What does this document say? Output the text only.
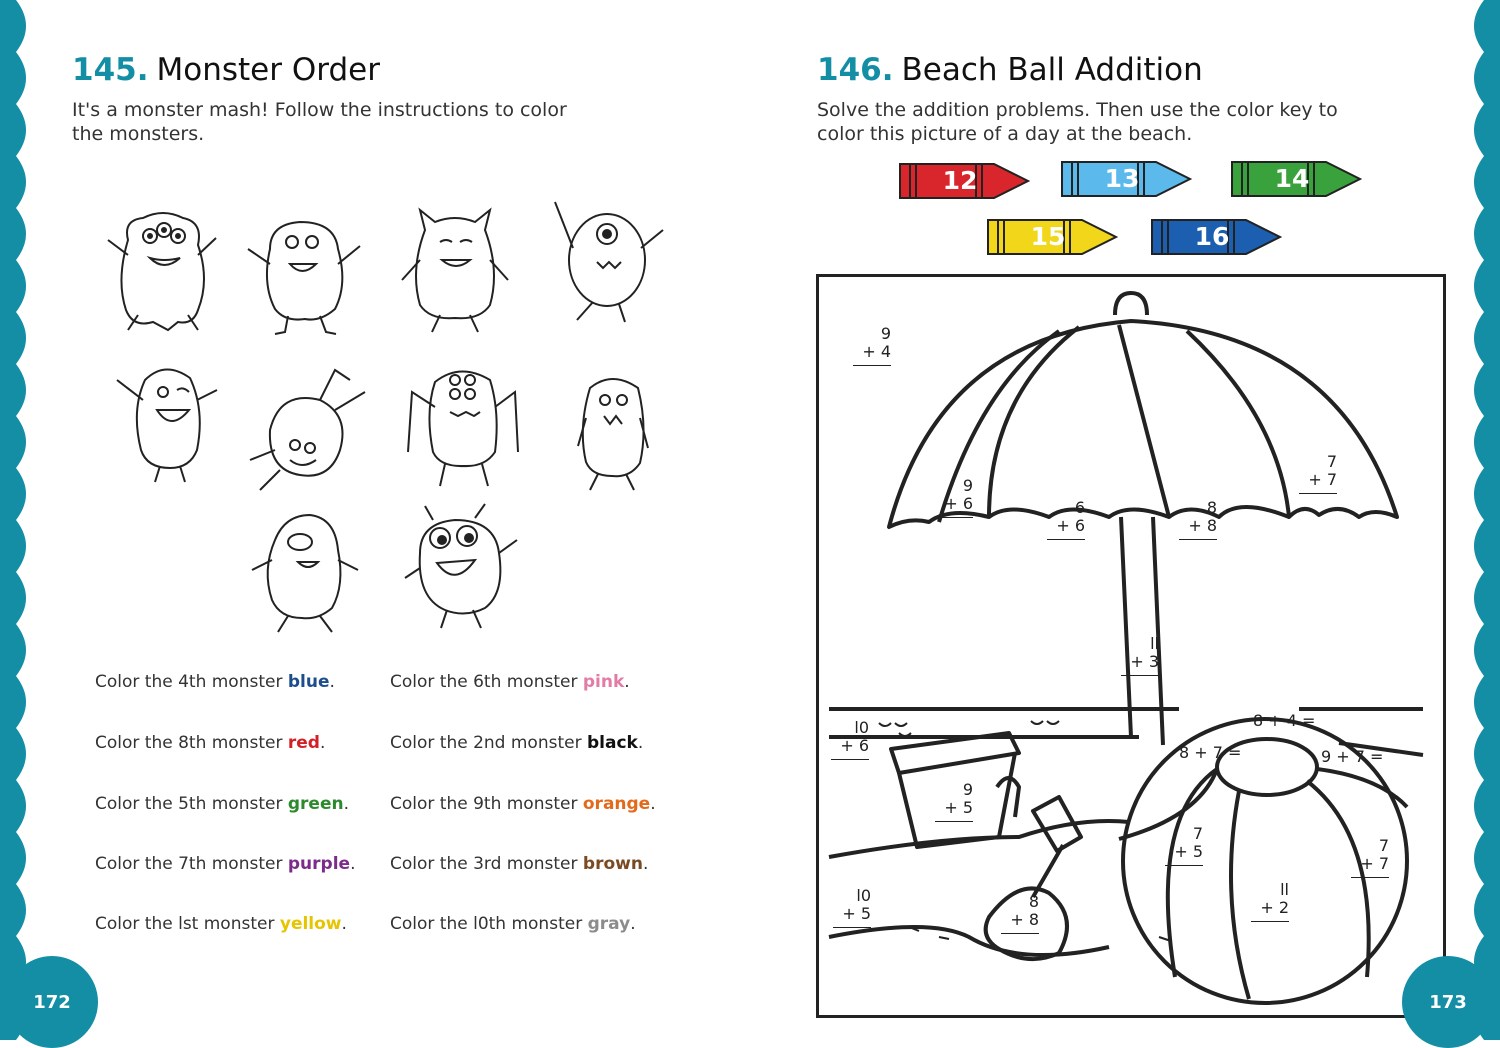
145. Monster Order
It's a monster mash! Follow the instructions to color the monsters.
Color the 4th monster blue.
Color the 8th monster red.
Color the 5th monster green.
Color the 7th monster purple.
Color the lst monster yellow.
Color the 6th monster pink.
Color the 2nd monster black.
Color the 9th monster orange.
Color the 3rd monster brown.
Color the l0th monster gray.
172
146. Beach Ball Addition
Solve the addition problems. Then use the color key to color this picture of a day at the beach.
12	13	14
15	16
9
+ 4
9
+ 6	6
+ 6
8
+ 8
7
+ 7
ll
+ 3
l0
+ 6
9
+ 5
8
+ 8
l0
+ 5
7
+ 5
ll
+ 2
7
+ 7
8 + 4 =
8 + 7 =	9 + 7 =
173
